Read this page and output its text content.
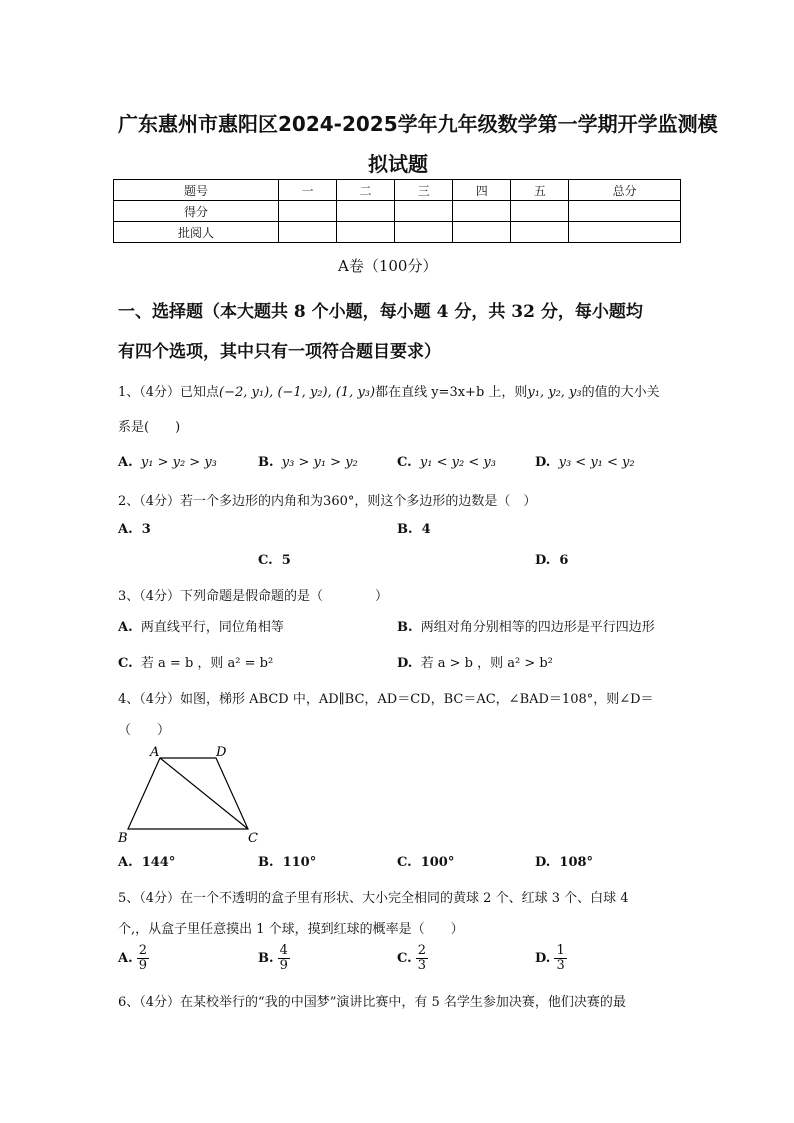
广东惠州市惠阳区2024-2025学年九年级数学第一学期开学监测模
拟试题
题号	一	二	三	四	五	总分
得分						
批阅人						
A卷（100分）
一、选择题（本大题共 8 个小题，每小题 4 分，共 32 分，每小题均
有四个选项，其中只有一项符合题目要求）
1、（4分）已知点(−2, y₁), (−1, y₂), (1, y₃)都在直线 y=3x+b 上，则y₁, y₂, y₃的值的大小关
系是(　　)
A. y₁ > y₂ > y₃	B. y₃ > y₁ > y₂	C. y₁ < y₂ < y₃	D. y₃ < y₁ < y₂
2、（4分）若一个多边形的内角和为360°，则这个多边形的边数是（　）
A. 3	B. 4
C. 5	D. 6
3、（4分）下列命题是假命题的是（　　　　）
A. 两直线平行，同位角相等	B. 两组对角分别相等的四边形是平行四边形
C. 若 a = b ，则 a² = b²	D. 若 a > b ，则 a² > b²
4、（4分）如图，梯形 ABCD 中，AD∥BC，AD＝CD，BC＝AC，∠BAD＝108°，则∠D＝
（　　）
A	D
B	C
A. 144°	B. 110°	C. 100°	D. 108°
5、（4分）在一个不透明的盒子里有形状、大小完全相同的黄球 2 个、红球 3 个、白球 4
个,，从盒子里任意摸出 1 个球，摸到红球的概率是（　　）
A. $\frac{2}{9}$	B. $\frac{4}{9}$	C. $\frac{2}{3}$	D. $\frac{1}{3}$
6、（4分）在某校举行的“我的中国梦”演讲比赛中，有 5 名学生参加决赛，他们决赛的最
